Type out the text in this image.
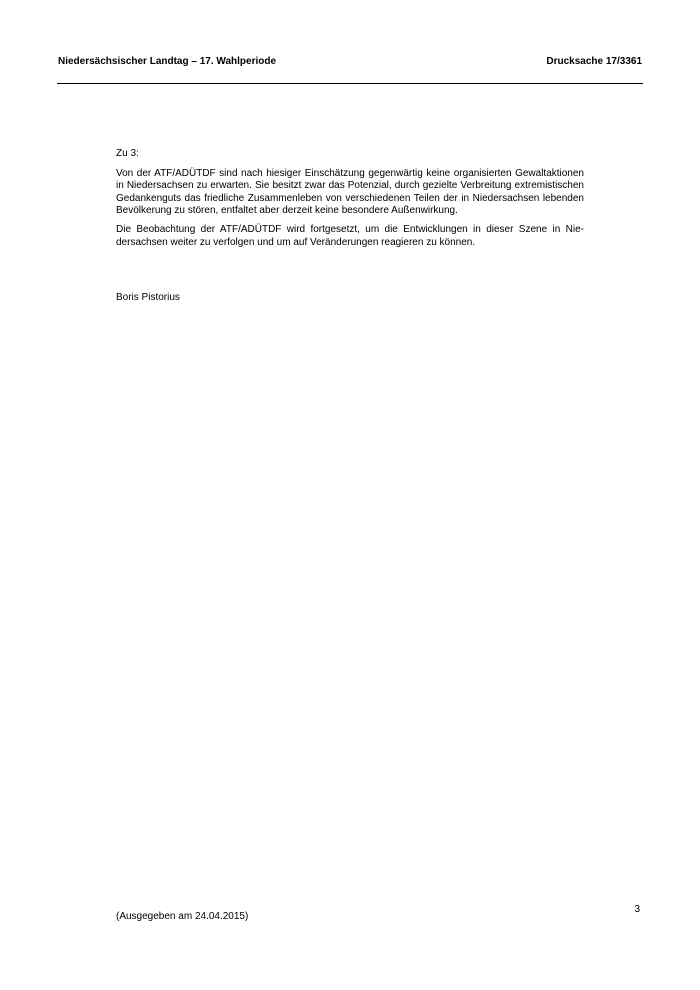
Niedersächsischer Landtag – 17. Wahlperiode	Drucksache 17/3361

Zu 3:

Von der ATF/ADÜTDF sind nach hiesiger Einschätzung gegenwärtig keine organisierten Gewaltaktionen in Niedersachsen zu erwarten. Sie besitzt zwar das Potenzial, durch gezielte Verbreitung extremistischen Gedankenguts das friedliche Zusammenleben von verschiedenen Teilen der in Niedersachsen lebenden Bevölkerung zu stören, entfaltet aber derzeit keine besondere Außenwirkung.

Die Beobachtung der ATF/ADÜTDF wird fortgesetzt, um die Entwicklungen in dieser Szene in Niedersachsen weiter zu verfolgen und um auf Veränderungen reagieren zu können.

Boris Pistorius
(Ausgegeben am 24.04.2015)
3
